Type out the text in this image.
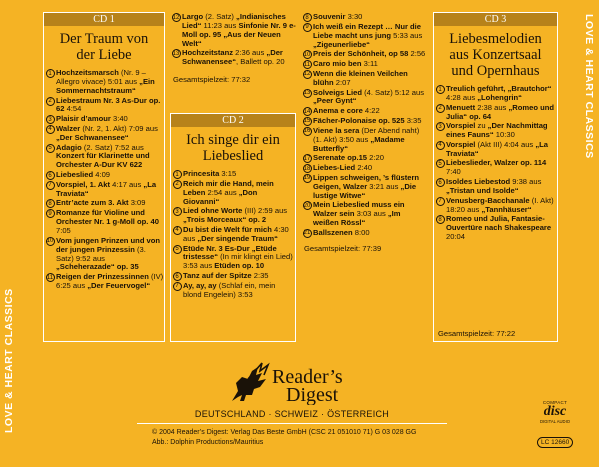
LOVE & HEART CLASSICS
LOVE & HEART CLASSICS
CD 1
Der Traum von der Liebe
1 Hochzeitsmarsch (Nr. 9 – Allegro vivace) 5:01 aus „Ein Sommernachtstraum“
2 Liebestraum Nr. 3 As-Dur op. 62 4:54
3 Plaisir d’amour 3:40
4 Walzer (Nr. 2, 1. Akt) 7:09 aus „Der Schwanensee“
5 Adagio (2. Satz) 7:52 aus Konzert für Klarinette und Orchester A-Dur KV 622
6 Liebeslied 4:09
7 Vorspiel, 1. Akt 4:17 aus „La Traviata“
8 Entr’acte zum 3. Akt 3:09
9 Romanze für Violine und Orchester Nr. 1 g-Moll op. 40 7:05
10 Vom jungen Prinzen und von der jungen Prinzessin (3. Satz) 9:52 aus „Scheherazade“ op. 35
11 Reigen der Prinzessinnen (IV) 6:25 aus „Der Feuervogel“
12 Largo (2. Satz) „Indianisches Lied“ 11:23 aus Sinfonie Nr. 9 e-Moll op. 95 „Aus der Neuen Welt“
13 Hochzeitstanz 2:36 aus „Der Schwanensee“, Ballett op. 20
Gesamtspielzeit: 77:32
CD 2
Ich singe dir ein Liebeslied
1 Princesita 3:15
2 Reich mir die Hand, mein Leben 2:54 aus „Don Giovanni“
3 Lied ohne Worte (III) 2:59 aus „Trois Morceaux“ op. 2
4 Du bist die Welt für mich 4:30 aus „Der singende Traum“
5 Etüde Nr. 3 Es-Dur „Etüde tristesse“ (In mir klingt ein Lied) 3:53 aus Etüden op. 10
6 Tanz auf der Spitze 2:35
7 Ay, ay, ay (Schlaf ein, mein blond Engelein) 3:53
8 Souvenir 3:30
9 Ich weiß ein Rezept … Nur die Liebe macht uns jung 5:33 aus „Zigeunerliebe“
10 Preis der Schönheit, op 58 2:56
11 Caro mio ben 3:11
12 Wenn die kleinen Veilchen blühn 2:07
13 Solveigs Lied (4. Satz) 5:12 aus „Peer Gynt“
14 Anema e core 4:22
15 Fächer-Polonaise op. 525 3:35
16 Viene la sera (Der Abend naht) (1. Akt) 3:50 aus „Madame Butterfly“
17 Serenate op.15 2:20
18 Liebes-Lied 2:40
19 Lippen schweigen, ’s flüstern Geigen, Walzer 3:21 aus „Die lustige Witwe“
20 Mein Liebeslied muss ein Walzer sein 3:03 aus „Im weißen Rössl“
21 Ballszenen 8:00
Gesamtspielzeit: 77:39
CD 3
Liebesmelodien aus Konzertsaal und Opernhaus
1 Treulich geführt, „Brautchor“ 4:28 aus „Lohengrin“
2 Menuett 2:38 aus „Romeo und Julia“ op. 64
3 Vorspiel zu „Der Nachmittag eines Fauns“ 10:30
4 Vorspiel (Akt III) 4:04 aus „La Traviata“
5 Liebeslieder, Walzer op. 114 7:40
6 Isoldes Liebestod 9:38 aus „Tristan und Isolde“
7 Venusberg-Bacchanale (I. Akt) 18:20 aus „Tannhäuser“
8 Romeo und Julia, Fantasie-Ouvertüre nach Shakespeare 20:04
Gesamtspielzeit: 77:22
Reader’s
Digest
DEUTSCHLAND · SCHWEIZ · ÖSTERREICH
© 2004 Reader’s Digest: Verlag Das Beste GmbH (CSC 21 051010 71) G 03 028 GG
Abb.: Dolphin Productions/Mauritius
COMPACT
disc
DIGITAL AUDIO
LC 12660
